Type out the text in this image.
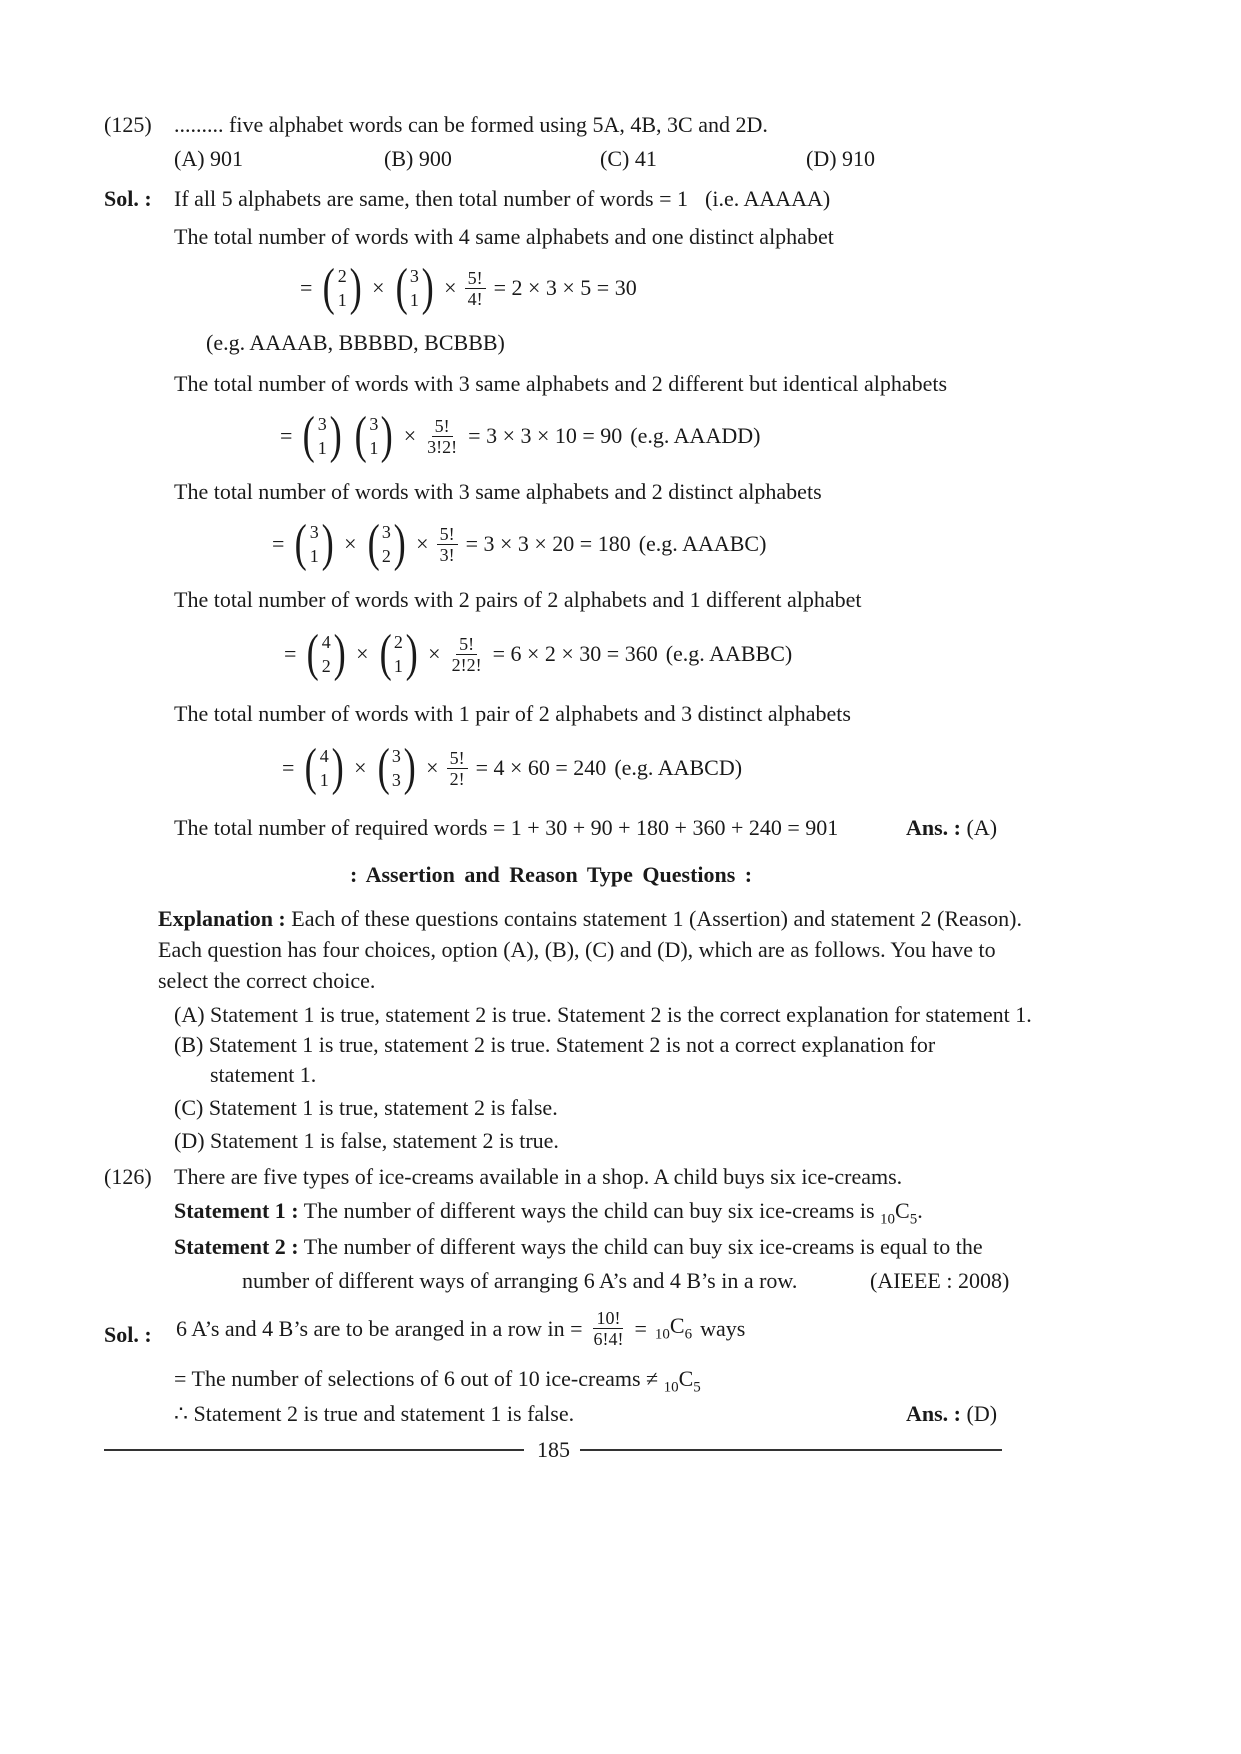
(125) ......... five alphabet words can be formed using 5A, 4B, 3C and 2D.
(A) 901	(B) 900	(C) 41	(D) 910
Sol. : If all 5 alphabets are same, then total number of words = 1 (i.e. AAAAA)
The total number of words with 4 same alphabets and one distinct alphabet
= ( 2
1 ) × ( 3
1 ) × $\frac{5!}{4!} = 2 \times 3 \times 5 = 30$
(e.g. AAAAB, BBBBD, BCBBB)
The total number of words with 3 same alphabets and 2 different but identical alphabets
= ( 3
1 ) ( 3
1 ) × $\frac{5!}{3!2!} = 3 \times 3 \times 10 = 90$ (e.g. AAADD)
The total number of words with 3 same alphabets and 2 distinct alphabets
= ( 3
1 ) × ( 3
2 ) × $\frac{5!}{3!} = 3 \times 3 \times 20 = 180$ (e.g. AAABC)
The total number of words with 2 pairs of 2 alphabets and 1 different alphabet
= ( 4
2 ) × ( 2
1 ) × $\frac{5!}{2!2!} = 6 \times 2 \times 30 = 360$ (e.g. AABBC)
The total number of words with 1 pair of 2 alphabets and 3 distinct alphabets
= ( 4
1 ) × ( 3
3 ) × $\frac{5!}{2!} = 4 \times 60 = 240$ (e.g. AABCD)
The total number of required words = 1 + 30 + 90 + 180 + 360 + 240 = 901	Ans. : (A)
: Assertion and Reason Type Questions :
Explanation : Each of these questions contains statement 1 (Assertion) and statement 2 (Reason).
Each question has four choices, option (A), (B), (C) and (D), which are as follows. You have to
select the correct choice.
(A) Statement 1 is true, statement 2 is true. Statement 2 is the correct explanation for statement 1.
(B) Statement 1 is true, statement 2 is true. Statement 2 is not a correct explanation for
statement 1.
(C) Statement 1 is true, statement 2 is false.
(D) Statement 1 is false, statement 2 is true.
(126) There are five types of ice-creams available in a shop. A child buys six ice-creams.
Statement 1 : The number of different ways the child can buy six ice-creams is $_{10}C_5$.
Statement 2 : The number of different ways the child can buy six ice-creams is equal to the
number of different ways of arranging 6 A’s and 4 B’s in a row.	(AIEEE : 2008)
Sol. : 6 A’s and 4 B’s are to be aranged in a row in = $\frac{10!}{6!4!} = _{10}C_6$ ways
= The number of selections of 6 out of 10 ice-creams ≠ $_{10}C_5$
∴ Statement 2 is true and statement 1 is false.	Ans. : (D)
185
